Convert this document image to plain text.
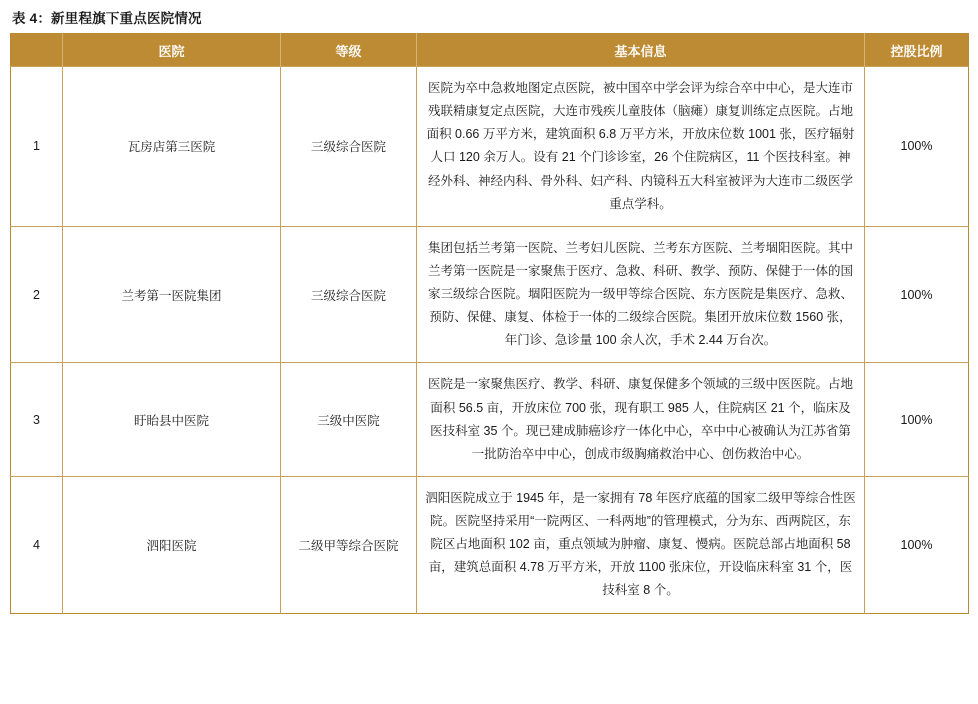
表 4：新里程旗下重点医院情况
	医院	等级	基本信息	控股比例
1	瓦房店第三医院	三级综合医院	医院为卒中急救地图定点医院，被中国卒中学会评为综合卒中中心，是大连市残联精康复定点医院，大连市残疾儿童肢体（脑瘫）康复训练定点医院。占地面积 0.66 万平方米，建筑面积 6.8 万平方米，开放床位数 1001 张，医疗辐射人口 120 余万人。设有 21 个门诊诊室，26 个住院病区，11 个医技科室。神经外科、神经内科、骨外科、妇产科、内镜科五大科室被评为大连市二级医学重点学科。	100%
2	兰考第一医院集团	三级综合医院	集团包括兰考第一医院、兰考妇儿医院、兰考东方医院、兰考堌阳医院。其中兰考第一医院是一家聚焦于医疗、急救、科研、教学、预防、保健于一体的国家三级综合医院。堌阳医院为一级甲等综合医院、东方医院是集医疗、急救、预防、保健、康复、体检于一体的二级综合医院。集团开放床位数 1560 张，年门诊、急诊量 100 余人次，手术 2.44 万台次。	100%
3	盱眙县中医院	三级中医院	医院是一家聚焦医疗、教学、科研、康复保健多个领域的三级中医医院。占地面积 56.5 亩，开放床位 700 张，现有职工 985 人，住院病区 21 个，临床及医技科室 35 个。现已建成肺癌诊疗一体化中心，卒中中心被确认为江苏省第一批防治卒中中心，创成市级胸痛救治中心、创伤救治中心。	100%
4	泗阳医院	二级甲等综合医院	泗阳医院成立于 1945 年，是一家拥有 78 年医疗底蕴的国家二级甲等综合性医院。医院坚持采用“一院两区、一科两地”的管理模式，分为东、西两院区，东院区占地面积 102 亩，重点领域为肿瘤、康复、慢病。医院总部占地面积 58 亩，建筑总面积 4.78 万平方米，开放 1100 张床位，开设临床科室 31 个，医技科室 8 个。	100%
